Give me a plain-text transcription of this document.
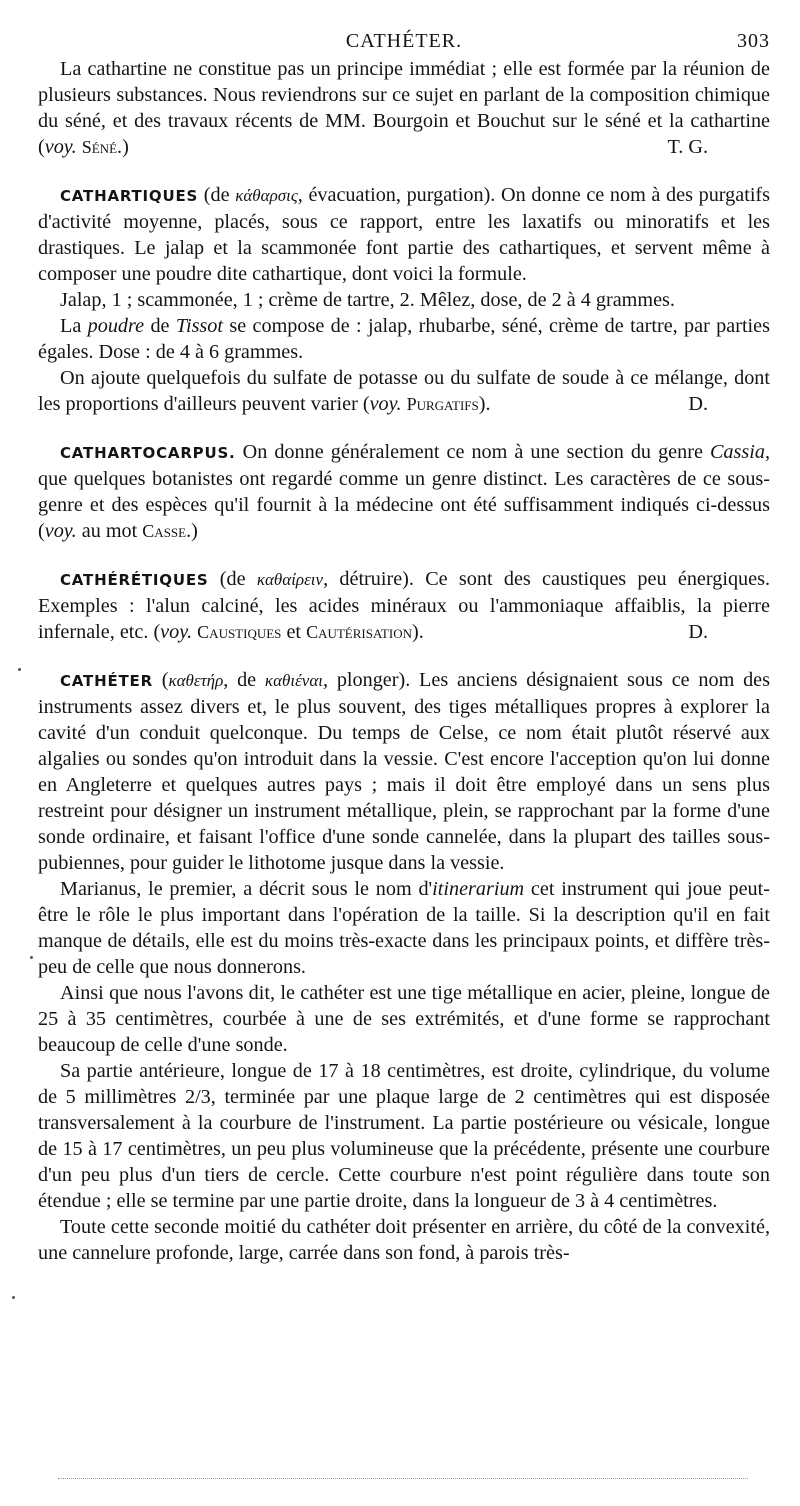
CATHÉTER.	303

La cathartine ne constitue pas un principe immédiat ; elle est formée par la réunion de plusieurs substances. Nous reviendrons sur ce sujet en parlant de la composition chimique du séné, et des travaux récents de MM. Bourgoin et Bouchut sur le séné et la cathartine (voy. Séné.)	T. G.

CATHARTIQUES (de κάθαρσις, évacuation, purgation). On donne ce nom à des purgatifs d'activité moyenne, placés, sous ce rapport, entre les laxatifs ou minoratifs et les drastiques. Le jalap et la scammonée font partie des cathartiques, et servent même à composer une poudre dite cathartique, dont voici la formule.

Jalap, 1 ; scammonée, 1 ; crème de tartre, 2. Mêlez, dose, de 2 à 4 grammes.

La poudre de Tissot se compose de : jalap, rhubarbe, séné, crème de tartre, par parties égales. Dose : de 4 à 6 grammes.

On ajoute quelquefois du sulfate de potasse ou du sulfate de soude à ce mélange, dont les proportions d'ailleurs peuvent varier (voy. Purgatifs).	D.

CATHARTOCARPUS. On donne généralement ce nom à une section du genre Cassia, que quelques botanistes ont regardé comme un genre distinct. Les caractères de ce sous-genre et des espèces qu'il fournit à la médecine ont été suffisamment indiqués ci-dessus (voy. au mot Casse.)

CATHÉRÉTIQUES (de καθαίρειν, détruire). Ce sont des caustiques peu énergiques. Exemples : l'alun calciné, les acides minéraux ou l'ammoniaque affaiblis, la pierre infernale, etc. (voy. Caustiques et Cautérisation).	D.

CATHÉTER (καθετήρ, de καθιέναι, plonger). Les anciens désignaient sous ce nom des instruments assez divers et, le plus souvent, des tiges métalliques propres à explorer la cavité d'un conduit quelconque. Du temps de Celse, ce nom était plutôt réservé aux algalies ou sondes qu'on introduit dans la vessie. C'est encore l'acception qu'on lui donne en Angleterre et quelques autres pays ; mais il doit être employé dans un sens plus restreint pour désigner un instrument métallique, plein, se rapprochant par la forme d'une sonde ordinaire, et faisant l'office d'une sonde cannelée, dans la plupart des tailles sous-pubiennes, pour guider le lithotome jusque dans la vessie.

Marianus, le premier, a décrit sous le nom d'itinerarium cet instrument qui joue peut-être le rôle le plus important dans l'opération de la taille. Si la description qu'il en fait manque de détails, elle est du moins très-exacte dans les principaux points, et diffère très-peu de celle que nous donnerons.

Ainsi que nous l'avons dit, le cathéter est une tige métallique en acier, pleine, longue de 25 à 35 centimètres, courbée à une de ses extrémités, et d'une forme se rapprochant beaucoup de celle d'une sonde.

Sa partie antérieure, longue de 17 à 18 centimètres, est droite, cylindrique, du volume de 5 millimètres 2/3, terminée par une plaque large de 2 centimètres qui est disposée transversalement à la courbure de l'instrument. La partie postérieure ou vésicale, longue de 15 à 17 centimètres, un peu plus volumineuse que la précédente, présente une courbure d'un peu plus d'un tiers de cercle. Cette courbure n'est point régulière dans toute son étendue ; elle se termine par une partie droite, dans la longueur de 3 à 4 centimètres.

Toute cette seconde moitié du cathéter doit présenter en arrière, du côté de la convexité, une cannelure profonde, large, carrée dans son fond, à parois très-
